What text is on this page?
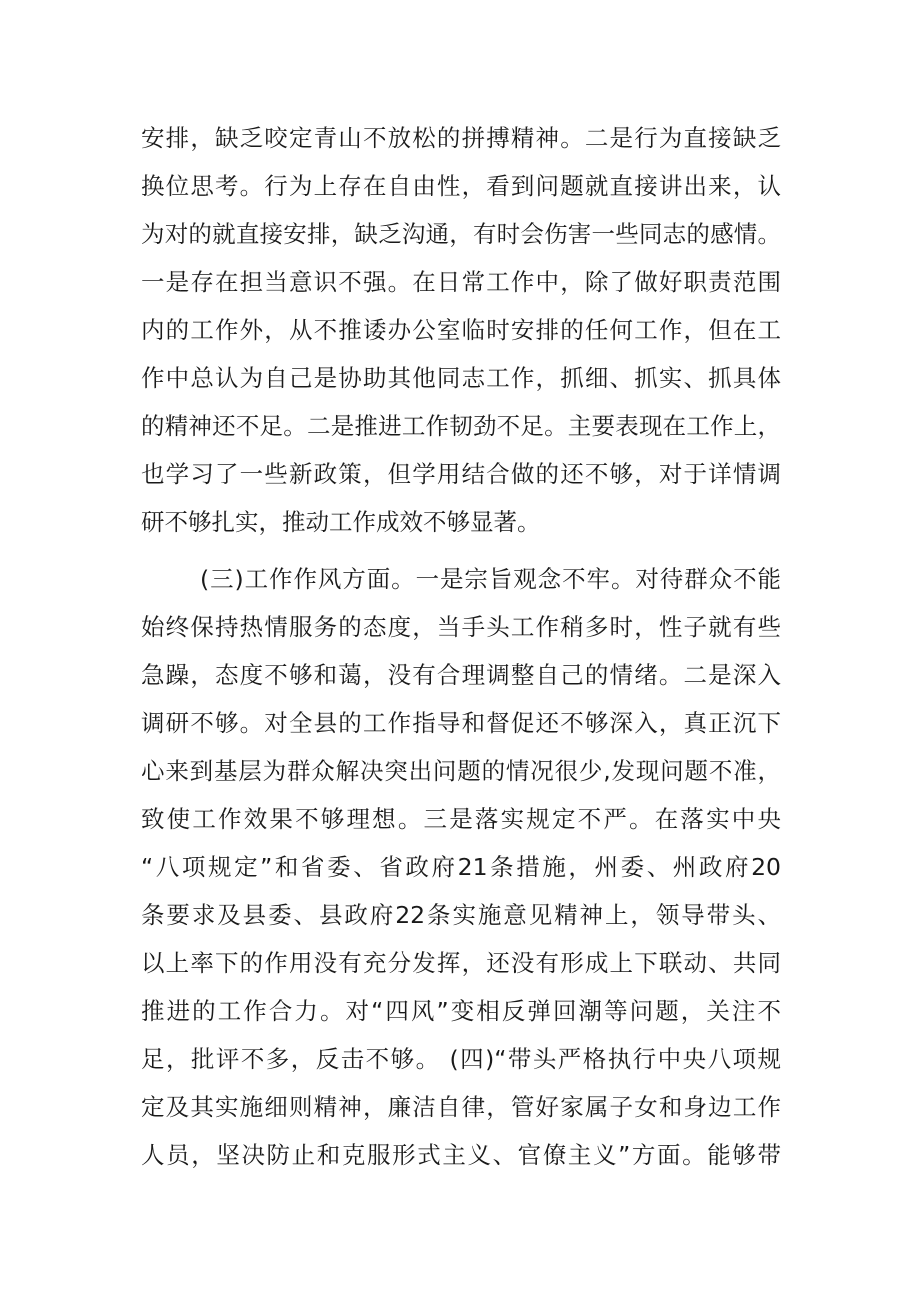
安排，缺乏咬定青山不放松的拼搏精神。二是行为直接缺乏
换位思考。行为上存在自由性，看到问题就直接讲出来，认
为对的就直接安排，缺乏沟通，有时会伤害一些同志的感情。
一是存在担当意识不强。在日常工作中，除了做好职责范围
内的工作外，从不推诿办公室临时安排的任何工作，但在工
作中总认为自己是协助其他同志工作，抓细、抓实、抓具体
的精神还不足。二是推进工作韧劲不足。主要表现在工作上，
也学习了一些新政策，但学用结合做的还不够，对于详情调
研不够扎实，推动工作成效不够显著。
(三)工作作风方面。一是宗旨观念不牢。对待群众不能
始终保持热情服务的态度，当手头工作稍多时，性子就有些
急躁，态度不够和蔼，没有合理调整自己的情绪。二是深入
调研不够。对全县的工作指导和督促还不够深入，真正沉下
心来到基层为群众解决突出问题的情况很少,发现问题不准，
致使工作效果不够理想。三是落实规定不严。在落实中央
“八项规定”和省委、省政府21条措施，州委、州政府20
条要求及县委、县政府22条实施意见精神上，领导带头、
以上率下的作用没有充分发挥，还没有形成上下联动、共同
推进的工作合力。对“四风”变相反弹回潮等问题，关注不
足，批评不多，反击不够。 (四)“带头严格执行中央八项规
定及其实施细则精神，廉洁自律，管好家属子女和身边工作
人员，坚决防止和克服形式主义、官僚主义”方面。能够带
